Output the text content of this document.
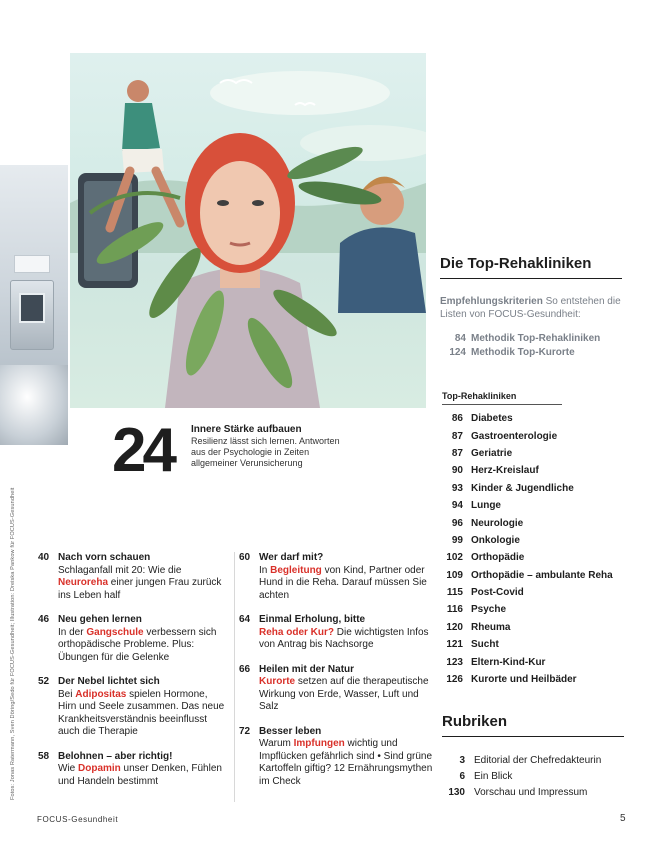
24 Innere Stärke aufbauen
Resilienz lässt sich lernen. Antworten aus der Psychologie in Zeiten allgemeiner Verunsicherung
Die Top-Rehakliniken
Empfehlungskriterien So entstehen die Listen von FOCUS-Gesundheit:
84 Methodik Top-Rehakliniken
124 Methodik Top-Kurorte
Top-Rehakliniken
86 Diabetes
87 Gastroenterologie
87 Geriatrie
90 Herz-Kreislauf
93 Kinder & Jugendliche
94 Lunge
96 Neurologie
99 Onkologie
102 Orthopädie
109 Orthopädie – ambulante Reha
115 Post-Covid
116 Psyche
120 Rheuma
121 Sucht
123 Eltern-Kind-Kur
126 Kurorte und Heilbäder
Rubriken
3 Editorial der Chefredakteurin
6 Ein Blick
130 Vorschau und Impressum
40 Nach vorn schauen
Schlaganfall mit 20: Wie die Neuroreha einer jungen Frau zurück ins Leben half
46 Neu gehen lernen
In der Gangschule verbessern sich orthopädische Probleme. Plus: Übungen für die Gelenke
52 Der Nebel lichtet sich
Bei Adipositas spielen Hormone, Hirn und Seele zusammen. Das neue Krankheitsverständnis beeinflusst auch die Therapie
58 Belohnen – aber richtig!
Wie Dopamin unser Denken, Fühlen und Handeln bestimmt
60 Wer darf mit?
In Begleitung von Kind, Partner oder Hund in die Reha. Darauf müssen Sie achten
64 Einmal Erholung, bitte
Reha oder Kur? Die wichtigsten Infos von Antrag bis Nachsorge
66 Heilen mit der Natur
Kurorte setzen auf die therapeutische Wirkung von Erde, Wasser, Luft und Salz
72 Besser leben
Warum Impfungen wichtig und Impflücken gefährlich sind • Sind grüne Kartoffeln giftig? 12 Ernährungsmythen im Check
Fotos: Jonas Ratermann, Sven Döring/Sedo für FOCUS-Gesundheit; Illustration: Dreiska Pankow für FOCUS-Gesundheit
FOCUS-Gesundheit	5
